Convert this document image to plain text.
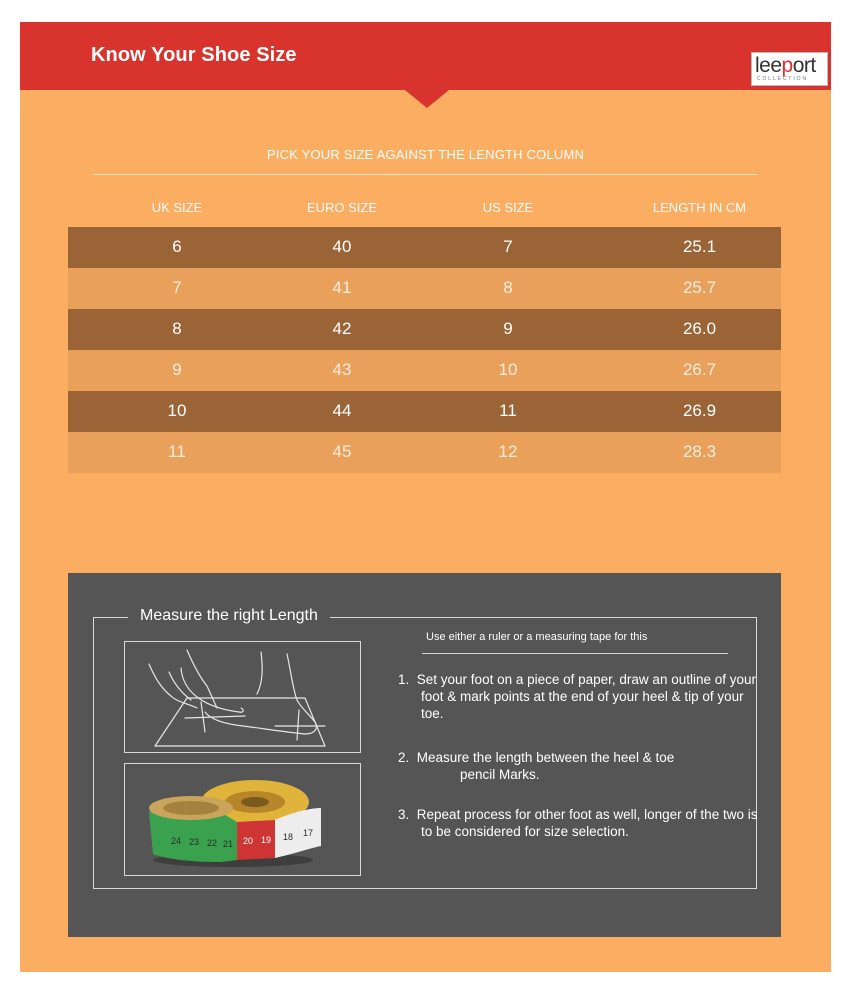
Know Your Shoe Size	leeport
COLLECTION
PICK YOUR SIZE AGAINST THE LENGTH COLUMN
UK SIZE	EURO SIZE	US SIZE	LENGTH IN CM
6	40	7	25.1
7	41	8	25.7
8	42	9	26.0
9	43	10	26.7
10	44	11	26.9
11	45	12	28.3
Measure the right Length
24 23 22 21 20 19 18 17
Use either a ruler or a measuring tape for this
1. Set your foot on a piece of paper, draw an outline of your foot & mark points at the end of your heel & tip of your toe.
2. Measure the length between the heel & toe
pencil Marks.
3. Repeat process for other foot as well, longer of the two is to be considered for size selection.
